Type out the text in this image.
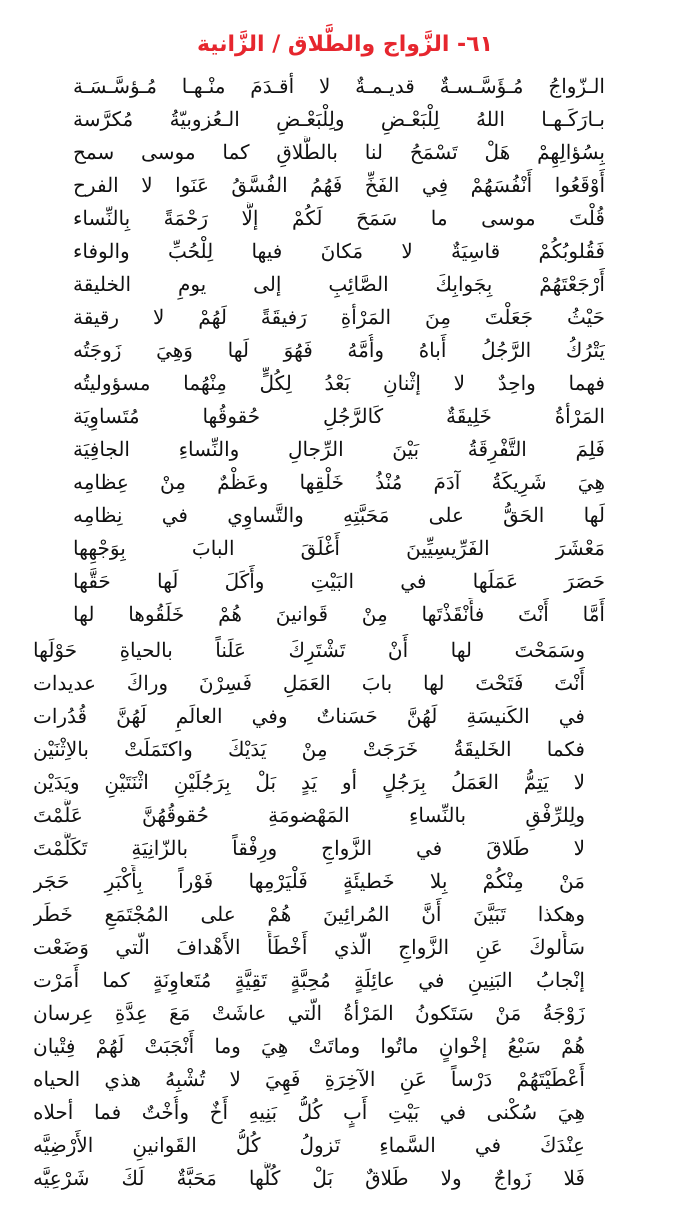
٦١- الزَّواج والطَّلاق / الزَّانية
الـزّواجُ مُـؤَسَّـسـةٌ قديـمـةٌ لا أقـدَمَ منْـهـا مُـؤسَّـسَـة
بـارَكَـهـا اللهُ لِلْبَعْـضِ ولِلْبَعْـضِ الـعُزوبيّةُ مُكرَّسة
بِسُؤالِهِمْ هَلْ تَسْمَحُ لنا بالطَّلاقِ كما موسى سمح
أَوْقَعُوا أَنْفُسَهُمْ فِي الفَخِّ فَهُمُ الفُسَّقُ عَنَوا لا الفرح
قُلْتَ موسى ما سَمَحَ لَكُمْ إلَّا رَحْمَةً بِالنِّساء
فَقُلوبُكُمْ قاسِيَةٌ لا مَكانَ فيها لِلْحُبِّ والوفاء
أَرْجَعْتَهُمْ بِجَوابِكَ الصَّائِبِ إلى يومِ الخليقة
حَيْثُ جَعَلْتَ مِنَ المَرْأةِ رَفيقَةً لَهُمْ لا رقيقة
يَتْرُكُ الرَّجُلُ أَباهُ وأُمَّهُ فَهُوَ لَها وَهِيَ زَوجَتُه
فهما واحِدٌ لا إثْنانِ بَعْدُ لِكُلٍّ مِنْهُما مسؤوليتُه
المَرْأةُ خَلِيقَةٌ كَالرَّجُلِ حُقوقُها مُتَساوِيَة
فَلِمَ التَّفْرِقَةُ بَيْنَ الرِّجالِ والنِّساءِ الجافِيَة
هِيَ شَرِيكَةُ آدَمَ مُنْذُ خَلْقِها وعَظْمٌ مِنْ عِظامِه
لَها الحَقُّ على مَحَبَّتِهِ والتَّساوِي في نِظامِه
مَعْشَرَ الفَرِّيسِيِّينَ أَغْلَقَ البابَ بِوَجْهِها
حَصَرَ عَمَلَها في البَيْتِ وأَكَلَ لَها حَقَّها
أَمَّا أَنْتَ فأَنْقَذْتَها مِنْ قَوانينَ هُمْ خَلَقُوها لها
وسَمَحْتَ لها أَنْ تَشْتَرِكَ عَلَناً بالحياةِ حَوْلَها
أَنْتَ فَتَحْتَ لها بابَ العَمَلِ فَسِرْنَ وراكَ عديدات
في الكَنيسَةِ لَهُنَّ حَسَناتٌ وفي العالَمِ لَهُنَّ قُدُرات
فكما الخَليقَةُ خَرَجَتْ مِنْ يَدَيْكَ واكتَمَلَتْ بالاِثْنَيْن
لا يَتِمُّ العَمَلُ بِرَجُلٍ أو يَدٍ بَلْ بِرَجُلَيْنِ اثْنَتَيْنِ ويَدَيْن
ولِلرِّفْقِ بالنِّساءِ المَهْضومَةِ حُقوقُهُنَّ عَلَّمْتَ
لا طَلاقَ في الزَّواجِ ورِفْقاً بالزّانِيَةِ تَكَلَّمْتَ
مَنْ مِنْكُمْ بِلا خَطيئَةٍ فَلْيَرْمِها فَوْراً بِأَكْبَرِ حَجَر
وهكذا تَبَيَّنَ أَنَّ المُرائِينَ هُمْ على المُجْتَمَعِ خَطَر
سَأَلوكَ عَنِ الزَّواجِ الّذي أَخْطَأَ الأَهْدافَ الّتي وَضَعْت
إنْجابُ البَنِينِ في عائِلَةٍ مُحِبَّةٍ تَقِيَّةٍ مُتَعاوِنَةٍ كما أَمَرْت
زَوْجَةُ مَنْ سَتَكونُ المَرْأةُ الّتي عاشَتْ مَعَ عِدَّةِ عِرسان
هُمْ سَبْعُ إخْوانٍ ماتُوا وماتَتْ هِيَ وما أَنْجَبَتْ لَهُمْ فِتْيان
أَعْطَيْتَهُمْ دَرْساً عَنِ الآخِرَةِ فَهِيَ لا تُشْبِهُ هذي الحياه
هِيَ سُكْنى في بَيْتِ أَبٍ كُلُّ بَنِيهِ أَخٌ وأُخْتٌ فما أحلاه
عِنْدَكَ في السَّماءِ تَزولُ كُلُّ القَوانينِ الأَرْضِيَّه
فَلا زَواجٌ ولا طَلاقٌ بَلْ كُلُّها مَحَبَّةٌ لَكَ شَرْعِيَّه
